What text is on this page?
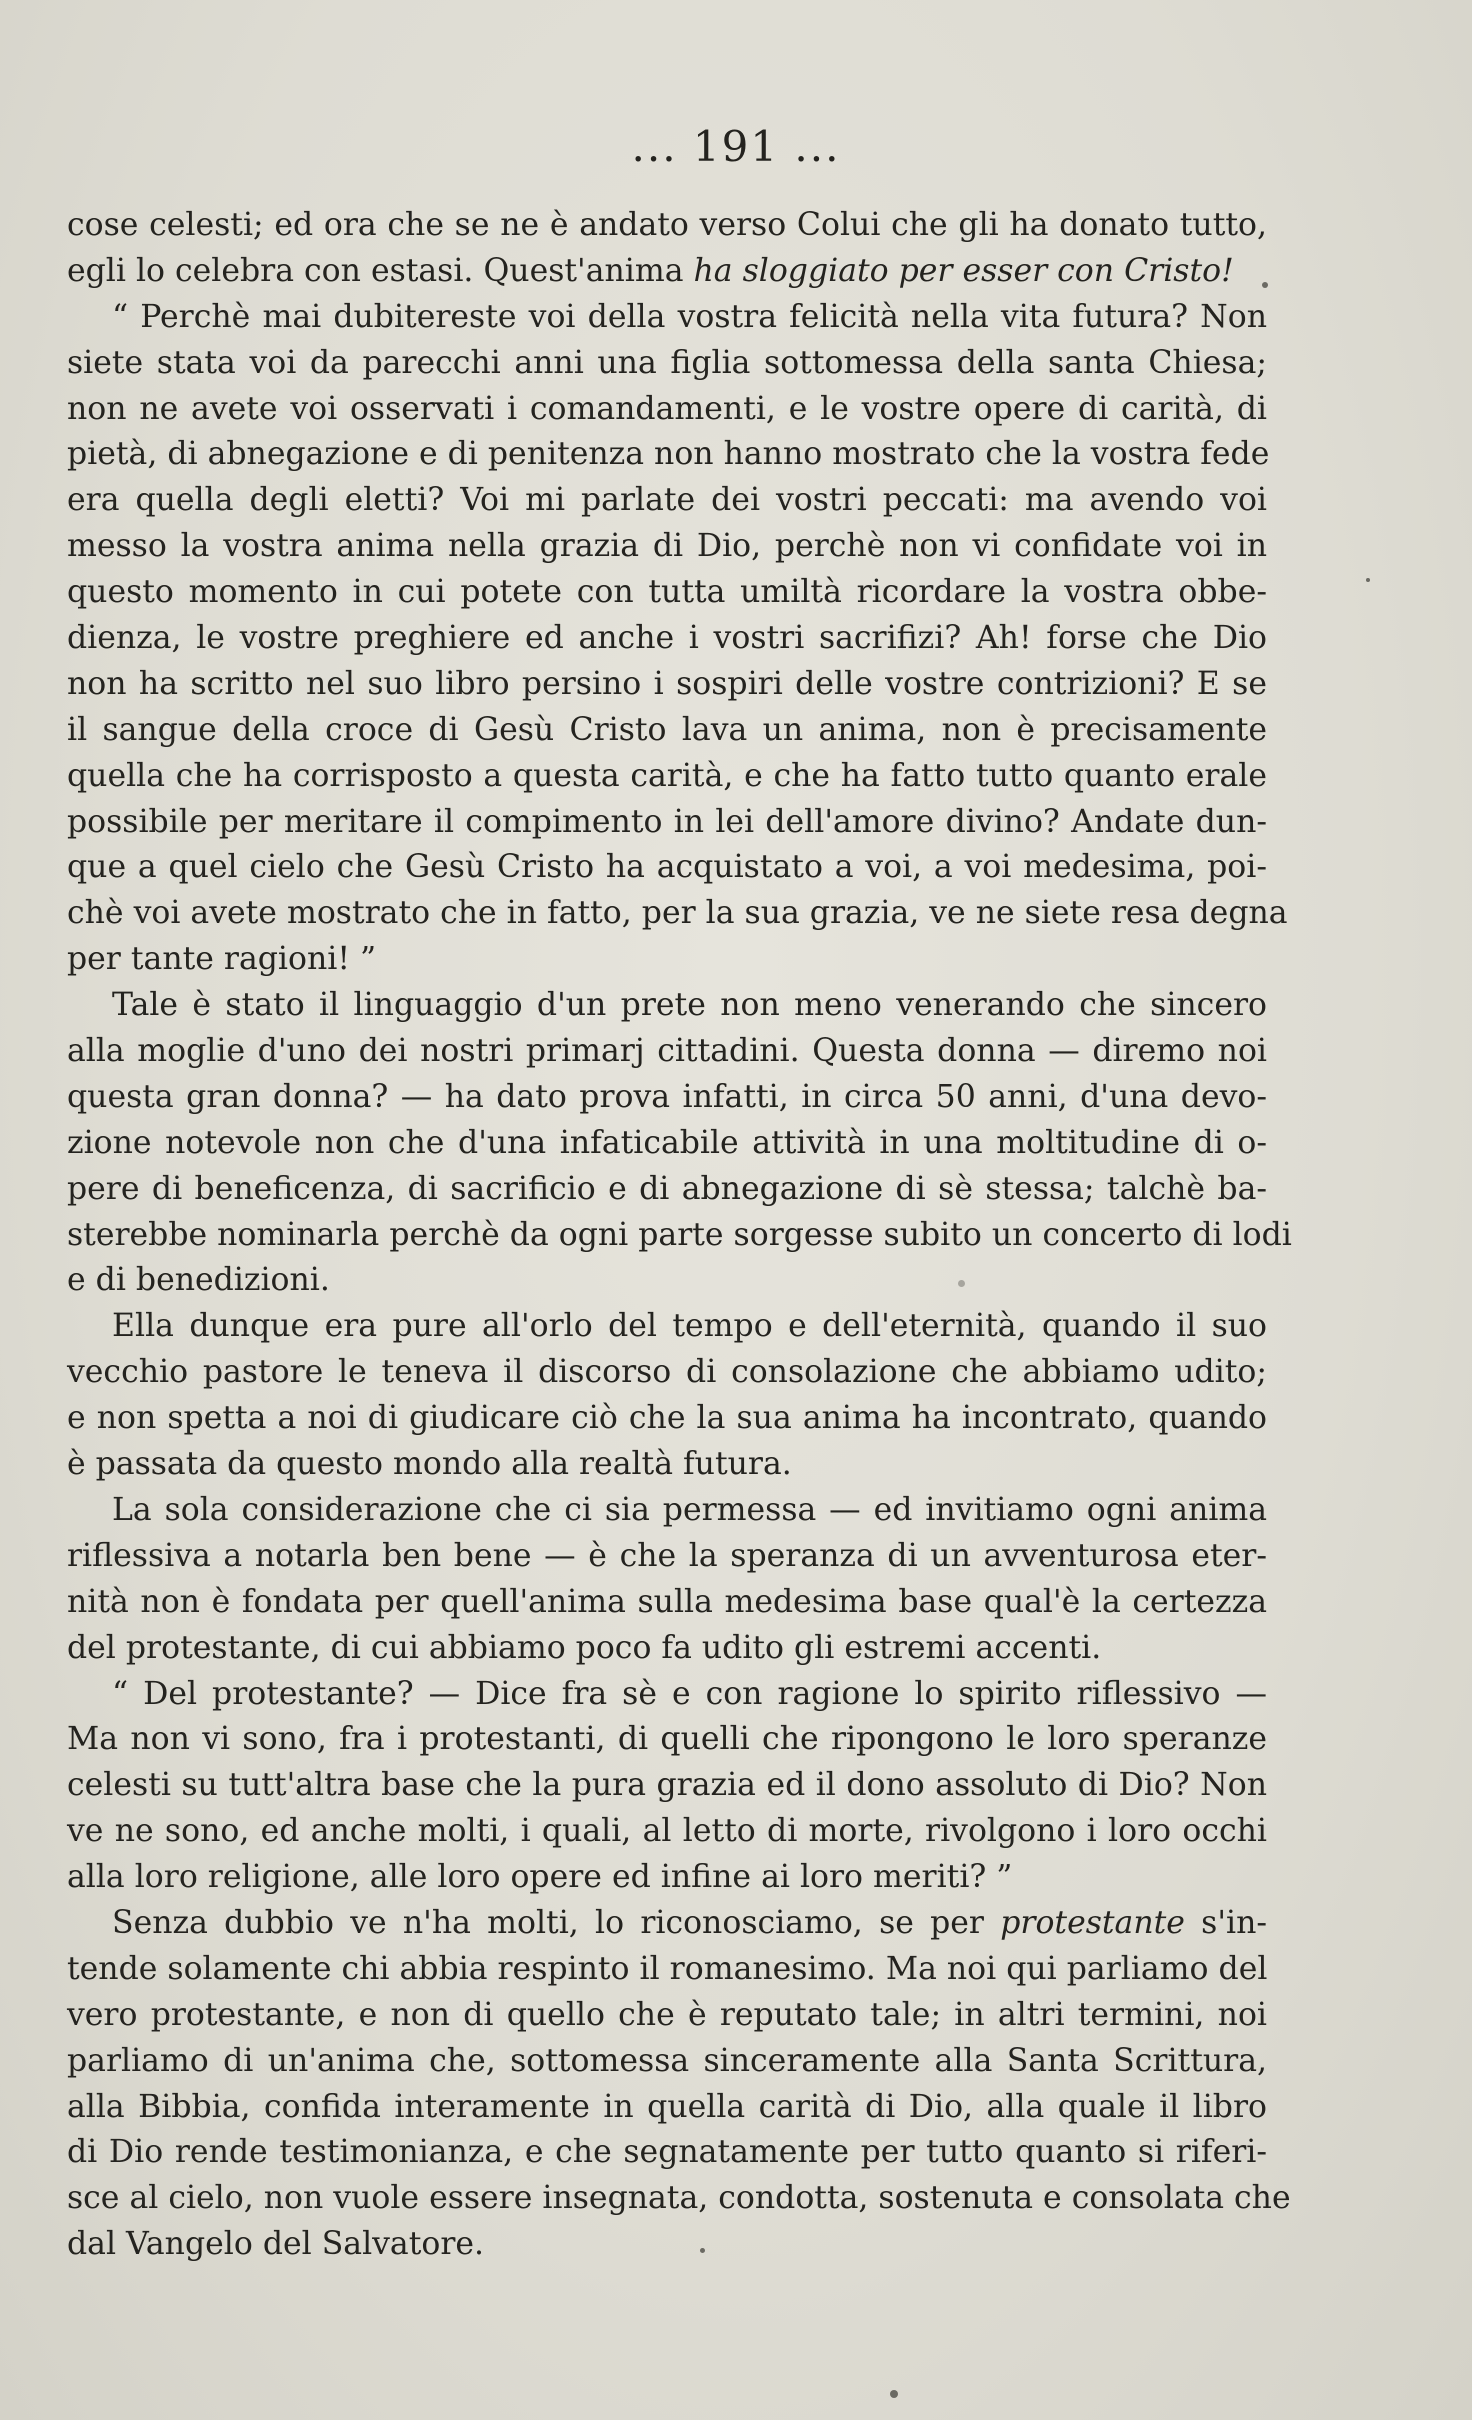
... 191 ...
cose celesti; ed ora che se ne è andato verso Colui che gli ha donato tutto,
egli lo celebra con estasi. Quest'anima ha sloggiato per esser con Cristo!
“ Perchè mai dubitereste voi della vostra felicità nella vita futura? Non
siete stata voi da parecchi anni una figlia sottomessa della santa Chiesa;
non ne avete voi osservati i comandamenti, e le vostre opere di carità, di
pietà, di abnegazione e di penitenza non hanno mostrato che la vostra fede
era quella degli eletti? Voi mi parlate dei vostri peccati: ma avendo voi
messo la vostra anima nella grazia di Dio, perchè non vi confidate voi in
questo momento in cui potete con tutta umiltà ricordare la vostra obbe-
dienza, le vostre preghiere ed anche i vostri sacrifizi? Ah! forse che Dio
non ha scritto nel suo libro persino i sospiri delle vostre contrizioni? E se
il sangue della croce di Gesù Cristo lava un anima, non è precisamente
quella che ha corrisposto a questa carità, e che ha fatto tutto quanto erale
possibile per meritare il compimento in lei dell'amore divino? Andate dun-
que a quel cielo che Gesù Cristo ha acquistato a voi, a voi medesima, poi-
chè voi avete mostrato che in fatto, per la sua grazia, ve ne siete resa degna
per tante ragioni! ”
Tale è stato il linguaggio d'un prete non meno venerando che sincero
alla moglie d'uno dei nostri primarj cittadini. Questa donna — diremo noi
questa gran donna? — ha dato prova infatti, in circa 50 anni, d'una devo-
zione notevole non che d'una infaticabile attività in una moltitudine di o-
pere di beneficenza, di sacrificio e di abnegazione di sè stessa; talchè ba-
sterebbe nominarla perchè da ogni parte sorgesse subito un concerto di lodi
e di benedizioni.
Ella dunque era pure all'orlo del tempo e dell'eternità, quando il suo
vecchio pastore le teneva il discorso di consolazione che abbiamo udito;
e non spetta a noi di giudicare ciò che la sua anima ha incontrato, quando
è passata da questo mondo alla realtà futura.
La sola considerazione che ci sia permessa — ed invitiamo ogni anima
riflessiva a notarla ben bene — è che la speranza di un avventurosa eter-
nità non è fondata per quell'anima sulla medesima base qual'è la certezza
del protestante, di cui abbiamo poco fa udito gli estremi accenti.
“ Del protestante? — Dice fra sè e con ragione lo spirito riflessivo —
Ma non vi sono, fra i protestanti, di quelli che ripongono le loro speranze
celesti su tutt'altra base che la pura grazia ed il dono assoluto di Dio? Non
ve ne sono, ed anche molti, i quali, al letto di morte, rivolgono i loro occhi
alla loro religione, alle loro opere ed infine ai loro meriti? ”
Senza dubbio ve n'ha molti, lo riconosciamo, se per protestante s'in-
tende solamente chi abbia respinto il romanesimo. Ma noi qui parliamo del
vero protestante, e non di quello che è reputato tale; in altri termini, noi
parliamo di un'anima che, sottomessa sinceramente alla Santa Scrittura,
alla Bibbia, confida interamente in quella carità di Dio, alla quale il libro
di Dio rende testimonianza, e che segnatamente per tutto quanto si riferi-
sce al cielo, non vuole essere insegnata, condotta, sostenuta e consolata che
dal Vangelo del Salvatore.
